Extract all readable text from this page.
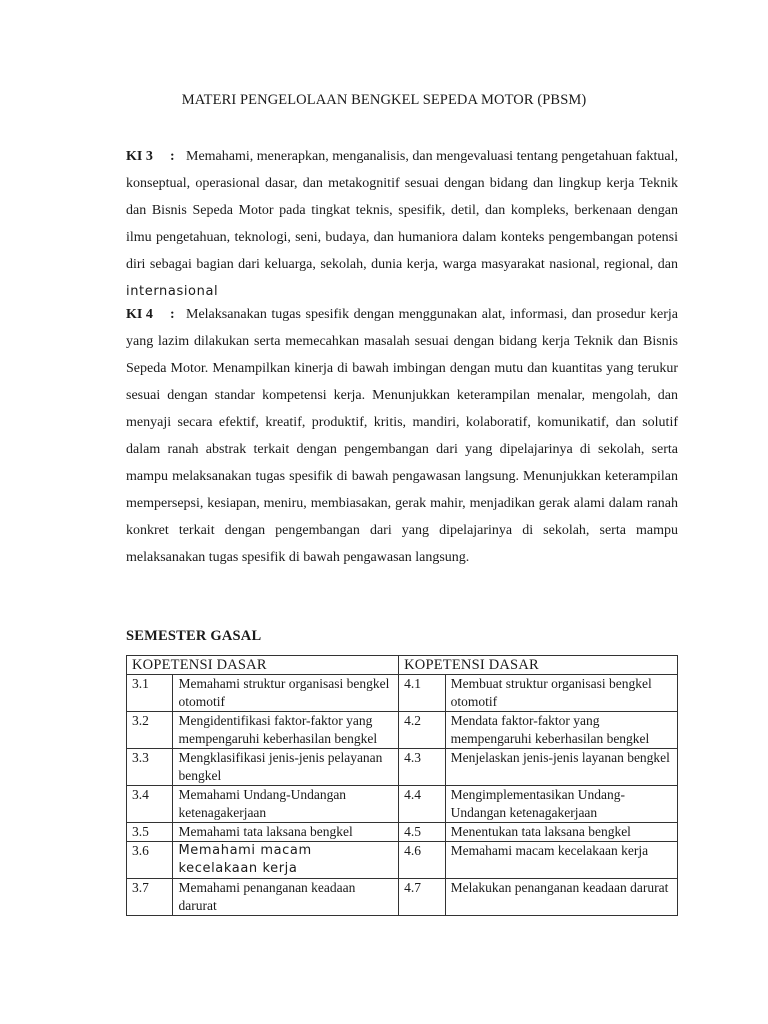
MATERI PENGELOLAAN BENGKEL SEPEDA MOTOR (PBSM)
KI 3 : Memahami, menerapkan, menganalisis, dan mengevaluasi tentang pengetahuan faktual, konseptual, operasional dasar, dan metakognitif sesuai dengan bidang dan lingkup kerja Teknik dan Bisnis Sepeda Motor pada tingkat teknis, spesifik, detil, dan kompleks, berkenaan dengan ilmu pengetahuan, teknologi, seni, budaya, dan humaniora dalam konteks pengembangan potensi diri sebagai bagian dari keluarga, sekolah, dunia kerja, warga masyarakat nasional, regional, dan internasional
KI 4 : Melaksanakan tugas spesifik dengan menggunakan alat, informasi, dan prosedur kerja yang lazim dilakukan serta memecahkan masalah sesuai dengan bidang kerja Teknik dan Bisnis Sepeda Motor. Menampilkan kinerja di bawah imbingan dengan mutu dan kuantitas yang terukur sesuai dengan standar kompetensi kerja. Menunjukkan keterampilan menalar, mengolah, dan menyaji secara efektif, kreatif, produktif, kritis, mandiri, kolaboratif, komunikatif, dan solutif dalam ranah abstrak terkait dengan pengembangan dari yang dipelajarinya di sekolah, serta mampu melaksanakan tugas spesifik di bawah pengawasan langsung. Menunjukkan keterampilan mempersepsi, kesiapan, meniru, membiasakan, gerak mahir, menjadikan gerak alami dalam ranah konkret terkait dengan pengembangan dari yang dipelajarinya di sekolah, serta mampu melaksanakan tugas spesifik di bawah pengawasan langsung.
SEMESTER GASAL
KOPETENSI DASAR		KOPETENSI DASAR	
3.1	Memahami struktur organisasi bengkel otomotif	4.1	Membuat struktur organisasi bengkel otomotif
3.2	Mengidentifikasi faktor-faktor yang mempengaruhi keberhasilan bengkel	4.2	Mendata faktor-faktor yang mempengaruhi keberhasilan bengkel
3.3	Mengklasifikasi jenis-jenis pelayanan bengkel	4.3	Menjelaskan jenis-jenis layanan bengkel
3.4	Memahami Undang-Undangan ketenagakerjaan	4.4	Mengimplementasikan Undang-Undangan ketenagakerjaan
3.5	Memahami tata laksana bengkel	4.5	Menentukan tata laksana bengkel
3.6	Memahami macam kecelakaan kerja	4.6	Memahami macam kecelakaan kerja
3.7	Memahami penanganan keadaan darurat	4.7	Melakukan penanganan keadaan darurat
